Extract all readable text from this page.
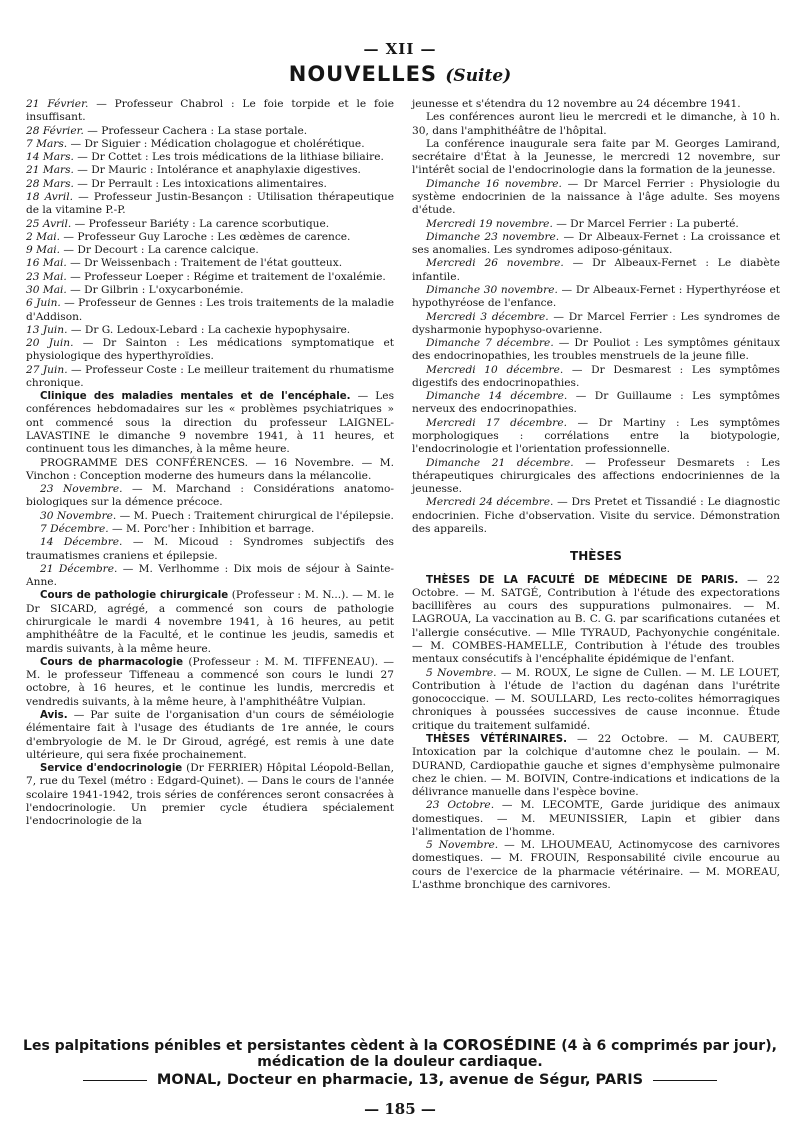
— XII —
NOUVELLES (Suite)

21 Février. — Professeur Chabrol : Le foie torpide et le foie insuffisant.

28 Février. — Professeur Cachera : La stase portale.

7 Mars. — Dr Siguier : Médication cholagogue et cholérétique.

14 Mars. — Dr Cottet : Les trois médications de la lithiase biliaire.

21 Mars. — Dr Mauric : Intolérance et anaphylaxie digestives.

28 Mars. — Dr Perrault : Les intoxications alimentaires.

18 Avril. — Professeur Justin-Besançon : Utilisation thérapeutique de la vitamine P.-P.

25 Avril. — Professeur Bariéty : La carence scorbutique.

2 Mai. — Professeur Guy Laroche : Les œdèmes de carence.

9 Mai. — Dr Decourt : La carence calcique.

16 Mai. — Dr Weissenbach : Traitement de l'état goutteux.

23 Mai. — Professeur Loeper : Régime et traitement de l'oxalémie.

30 Mai. — Dr Gilbrin : L'oxycarbonémie.

6 Juin. — Professeur de Gennes : Les trois traitements de la maladie d'Addison.

13 Juin. — Dr G. Ledoux-Lebard : La cachexie hypophysaire.

20 Juin. — Dr Sainton : Les médications symptomatique et physiologique des hyperthyroïdies.

27 Juin. — Professeur Coste : Le meilleur traitement du rhumatisme chronique.

Clinique des maladies mentales et de l'encéphale. — Les conférences hebdomadaires sur les « problèmes psychiatriques » ont commencé sous la direction du professeur LAIGNEL-LAVASTINE le dimanche 9 novembre 1941, à 11 heures, et continuent tous les dimanches, à la même heure.

PROGRAMME DES CONFÉRENCES. — 16 Novembre. — M. Vinchon : Conception moderne des humeurs dans la mélancolie.

23 Novembre. — M. Marchand : Considérations anatomo-biologiques sur la démence précoce.

30 Novembre. — M. Puech : Traitement chirurgical de l'épilepsie.

7 Décembre. — M. Porc'her : Inhibition et barrage.

14 Décembre. — M. Micoud : Syndromes subjectifs des traumatismes craniens et épilepsie.

21 Décembre. — M. Verlhomme : Dix mois de séjour à Sainte-Anne.

Cours de pathologie chirurgicale (Professeur : M. N...). — M. le Dr SICARD, agrégé, a commencé son cours de pathologie chirurgicale le mardi 4 novembre 1941, à 16 heures, au petit amphithéâtre de la Faculté, et le continue les jeudis, samedis et mardis suivants, à la même heure.

Cours de pharmacologie (Professeur : M. M. TIFFENEAU). — M. le professeur Tiffeneau a commencé son cours le lundi 27 octobre, à 16 heures, et le continue les lundis, mercredis et vendredis suivants, à la même heure, à l'amphithéâtre Vulpian.

Avis. — Par suite de l'organisation d'un cours de séméiologie élémentaire fait à l'usage des étudiants de 1re année, le cours d'embryologie de M. le Dr Giroud, agrégé, est remis à une date ultérieure, qui sera fixée prochainement.

Service d'endocrinologie (Dr FERRIER) Hôpital Léopold-Bellan, 7, rue du Texel (métro : Edgard-Quinet). — Dans le cours de l'année scolaire 1941-1942, trois séries de conférences seront consacrées à l'endocrinologie. Un premier cycle étudiera spécialement l'endocrinologie de la

jeunesse et s'étendra du 12 novembre au 24 décembre 1941.

Les conférences auront lieu le mercredi et le dimanche, à 10 h. 30, dans l'amphithéâtre de l'hôpital.

La conférence inaugurale sera faite par M. Georges Lamirand, secrétaire d'État à la Jeunesse, le mercredi 12 novembre, sur l'intérêt social de l'endocrinologie dans la formation de la jeunesse.

Dimanche 16 novembre. — Dr Marcel Ferrier : Physiologie du système endocrinien de la naissance à l'âge adulte. Ses moyens d'étude.

Mercredi 19 novembre. — Dr Marcel Ferrier : La puberté.

Dimanche 23 novembre. — Dr Albeaux-Fernet : La croissance et ses anomalies. Les syndromes adiposo-génitaux.

Mercredi 26 novembre. — Dr Albeaux-Fernet : Le diabète infantile.

Dimanche 30 novembre. — Dr Albeaux-Fernet : Hyperthyréose et hypothyréose de l'enfance.

Mercredi 3 décembre. — Dr Marcel Ferrier : Les syndromes de dysharmonie hypophyso-ovarienne.

Dimanche 7 décembre. — Dr Pouliot : Les symptômes génitaux des endocrinopathies, les troubles menstruels de la jeune fille.

Mercredi 10 décembre. — Dr Desmarest : Les symptômes digestifs des endocrinopathies.

Dimanche 14 décembre. — Dr Guillaume : Les symptômes nerveux des endocrinopathies.

Mercredi 17 décembre. — Dr Martiny : Les symptômes morphologiques : corrélations entre la biotypologie, l'endocrinologie et l'orientation professionnelle.

Dimanche 21 décembre. — Professeur Desmarets : Les thérapeutiques chirurgicales des affections endocriniennes de la jeunesse.

Mercredi 24 décembre. — Drs Pretet et Tissandié : Le diagnostic endocrinien. Fiche d'observation. Visite du service. Démonstration des appareils.

THÈSES

THÈSES DE LA FACULTÉ DE MÉDECINE DE PARIS. — 22 Octobre. — M. SATGÉ, Contribution à l'étude des expectorations bacillifères au cours des suppurations pulmonaires. — M. LAGROUA, La vaccination au B. C. G. par scarifications cutanées et l'allergie consécutive. — Mlle TYRAUD, Pachyonychie congénitale. — M. COMBES-HAMELLE, Contribution à l'étude des troubles mentaux consécutifs à l'encéphalite épidémique de l'enfant.

5 Novembre. — M. ROUX, Le signe de Cullen. — M. LE LOUET, Contribution à l'étude de l'action du dagénan dans l'urétrite gonococcique. — M. SOULLARD, Les recto-colites hémorragiques chroniques à poussées successives de cause inconnue. Étude critique du traitement sulfamidé.

THÈSES VÉTÉRINAIRES. — 22 Octobre. — M. CAUBERT, Intoxication par la colchique d'automne chez le poulain. — M. DURAND, Cardiopathie gauche et signes d'emphysème pulmonaire chez le chien. — M. BOIVIN, Contre-indications et indications de la délivrance manuelle dans l'espèce bovine.

23 Octobre. — M. LECOMTE, Garde juridique des animaux domestiques. — M. MEUNISSIER, Lapin et gibier dans l'alimentation de l'homme.

5 Novembre. — M. LHOUMEAU, Actinomycose des carnivores domestiques. — M. FROUIN, Responsabilité civile encourue au cours de l'exercice de la pharmacie vétérinaire. — M. MOREAU, L'asthme bronchique des carnivores.

Les palpitations pénibles et persistantes cèdent à la COROSÉDINE (4 à 6 comprimés par jour),
médication de la douleur cardiaque.
MONAL, Docteur en pharmacie, 13, avenue de Ségur, PARIS
— 185 —
